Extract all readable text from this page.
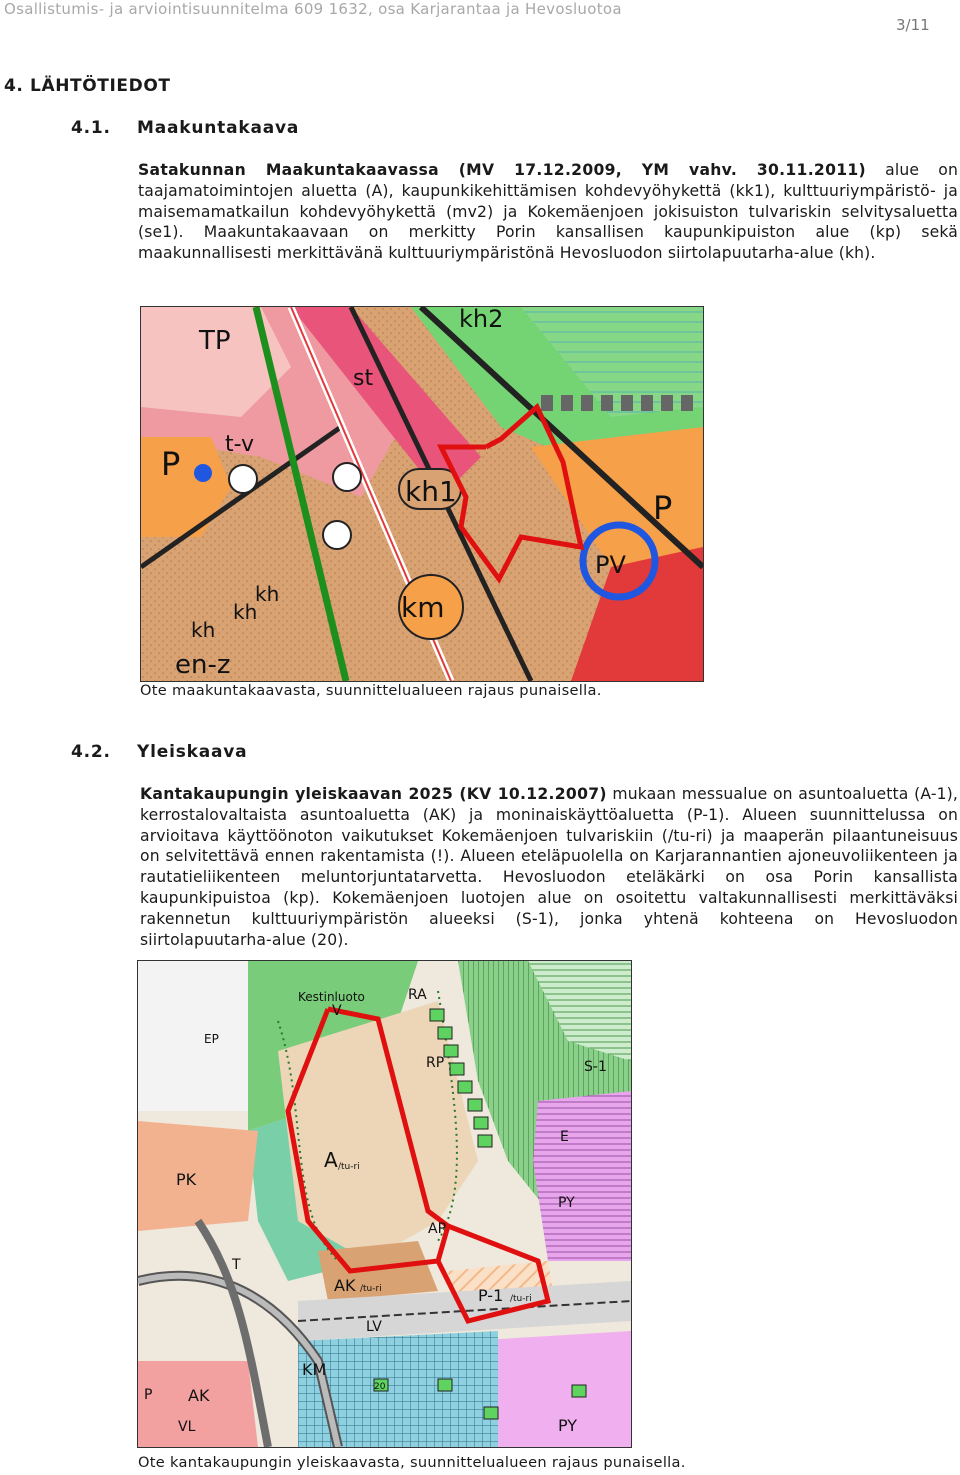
Osallistumis- ja arviointisuunnitelma 609 1632, osa Karjarantaa ja Hevosluotoa
3/11
4. LÄHTÖTIEDOT
4.1. Maakuntakaava
Satakunnan Maakuntakaavassa (MV 17.12.2009, YM vahv. 30.11.2011) alue on taajamatoimintojen aluetta (A), kaupunkikehittämisen kohdevyöhykettä (kk1), kulttuuriympäristö- ja maisemamatkailun kohdevyöhykettä (mv2) ja Kokemäenjoen jokisuiston tulvariskin selvitysaluetta (se1). Maakuntakaavaan on merkitty Porin kansallisen kaupunkipuiston alue (kp) sekä maakunnallisesti merkittävänä kulttuuriympäristönä Hevosluodon siirtolapuutarha-alue (kh).
TP
kh2
st
t-v
P
kh1	P
PV
kh
kh
kh
km
en-z
Ote maakuntakaavasta, suunnittelualueen rajaus punaisella.
4.2. Yleiskaava
Kantakaupungin yleiskaavan 2025 (KV 10.12.2007) mukaan messualue on asuntoaluetta (A-1), kerrostalovaltaista asuntoaluetta (AK) ja moninaiskäyttöaluetta (P-1). Alueen suunnittelussa on arvioitava käyttöönoton vaikutukset Kokemäenjoen tulvariskiin (/tu-ri) ja maaperän pilaantuneisuus on selvitettävä ennen rakentamista (!). Alueen eteläpuolella on Karjarannantien ajoneuvoliikenteen ja rautatieliikenteen meluntorjuntatarvetta. Hevosluodon eteläkärki on osa Porin kansallista kaupunkipuistoa (kp). Kokemäenjoen luotojen alue on osoitettu valtakunnallisesti merkittäväksi rakennetun kulttuuriympäristön alueeksi (S-1), jonka yhtenä kohteena on Hevosluodon siirtolapuutarha-alue (20).
Kestinluoto
V
RA
EP
RP	S-1
E
A /tu-ri
PK
PY
AP
AK /tu-ri	P-1 /tu-ri
T
LV
KM
P AK
VL	PY
20
Ote kantakaupungin yleiskaavasta, suunnittelualueen rajaus punaisella.
